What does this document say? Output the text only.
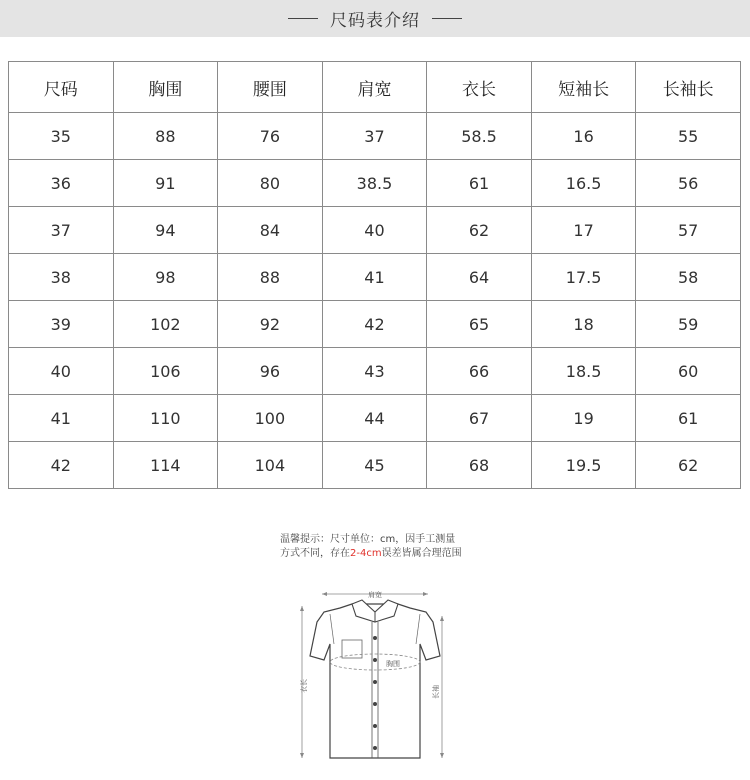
尺码表介绍
尺码	胸围	腰围	肩宽	衣长	短袖长	长袖长
35	88	76	37	58.5	16	55
36	91	80	38.5	61	16.5	56
37	94	84	40	62	17	57
38	98	88	41	64	17.5	58
39	102	92	42	65	18	59
40	106	96	43	66	18.5	60
41	110	100	44	67	19	61
42	114	104	45	68	19.5	62
温馨提示：尺寸单位：cm，因手工测量
方式不同，存在2-4cm误差皆属合理范围
肩宽
胸围
衣长	长袖
